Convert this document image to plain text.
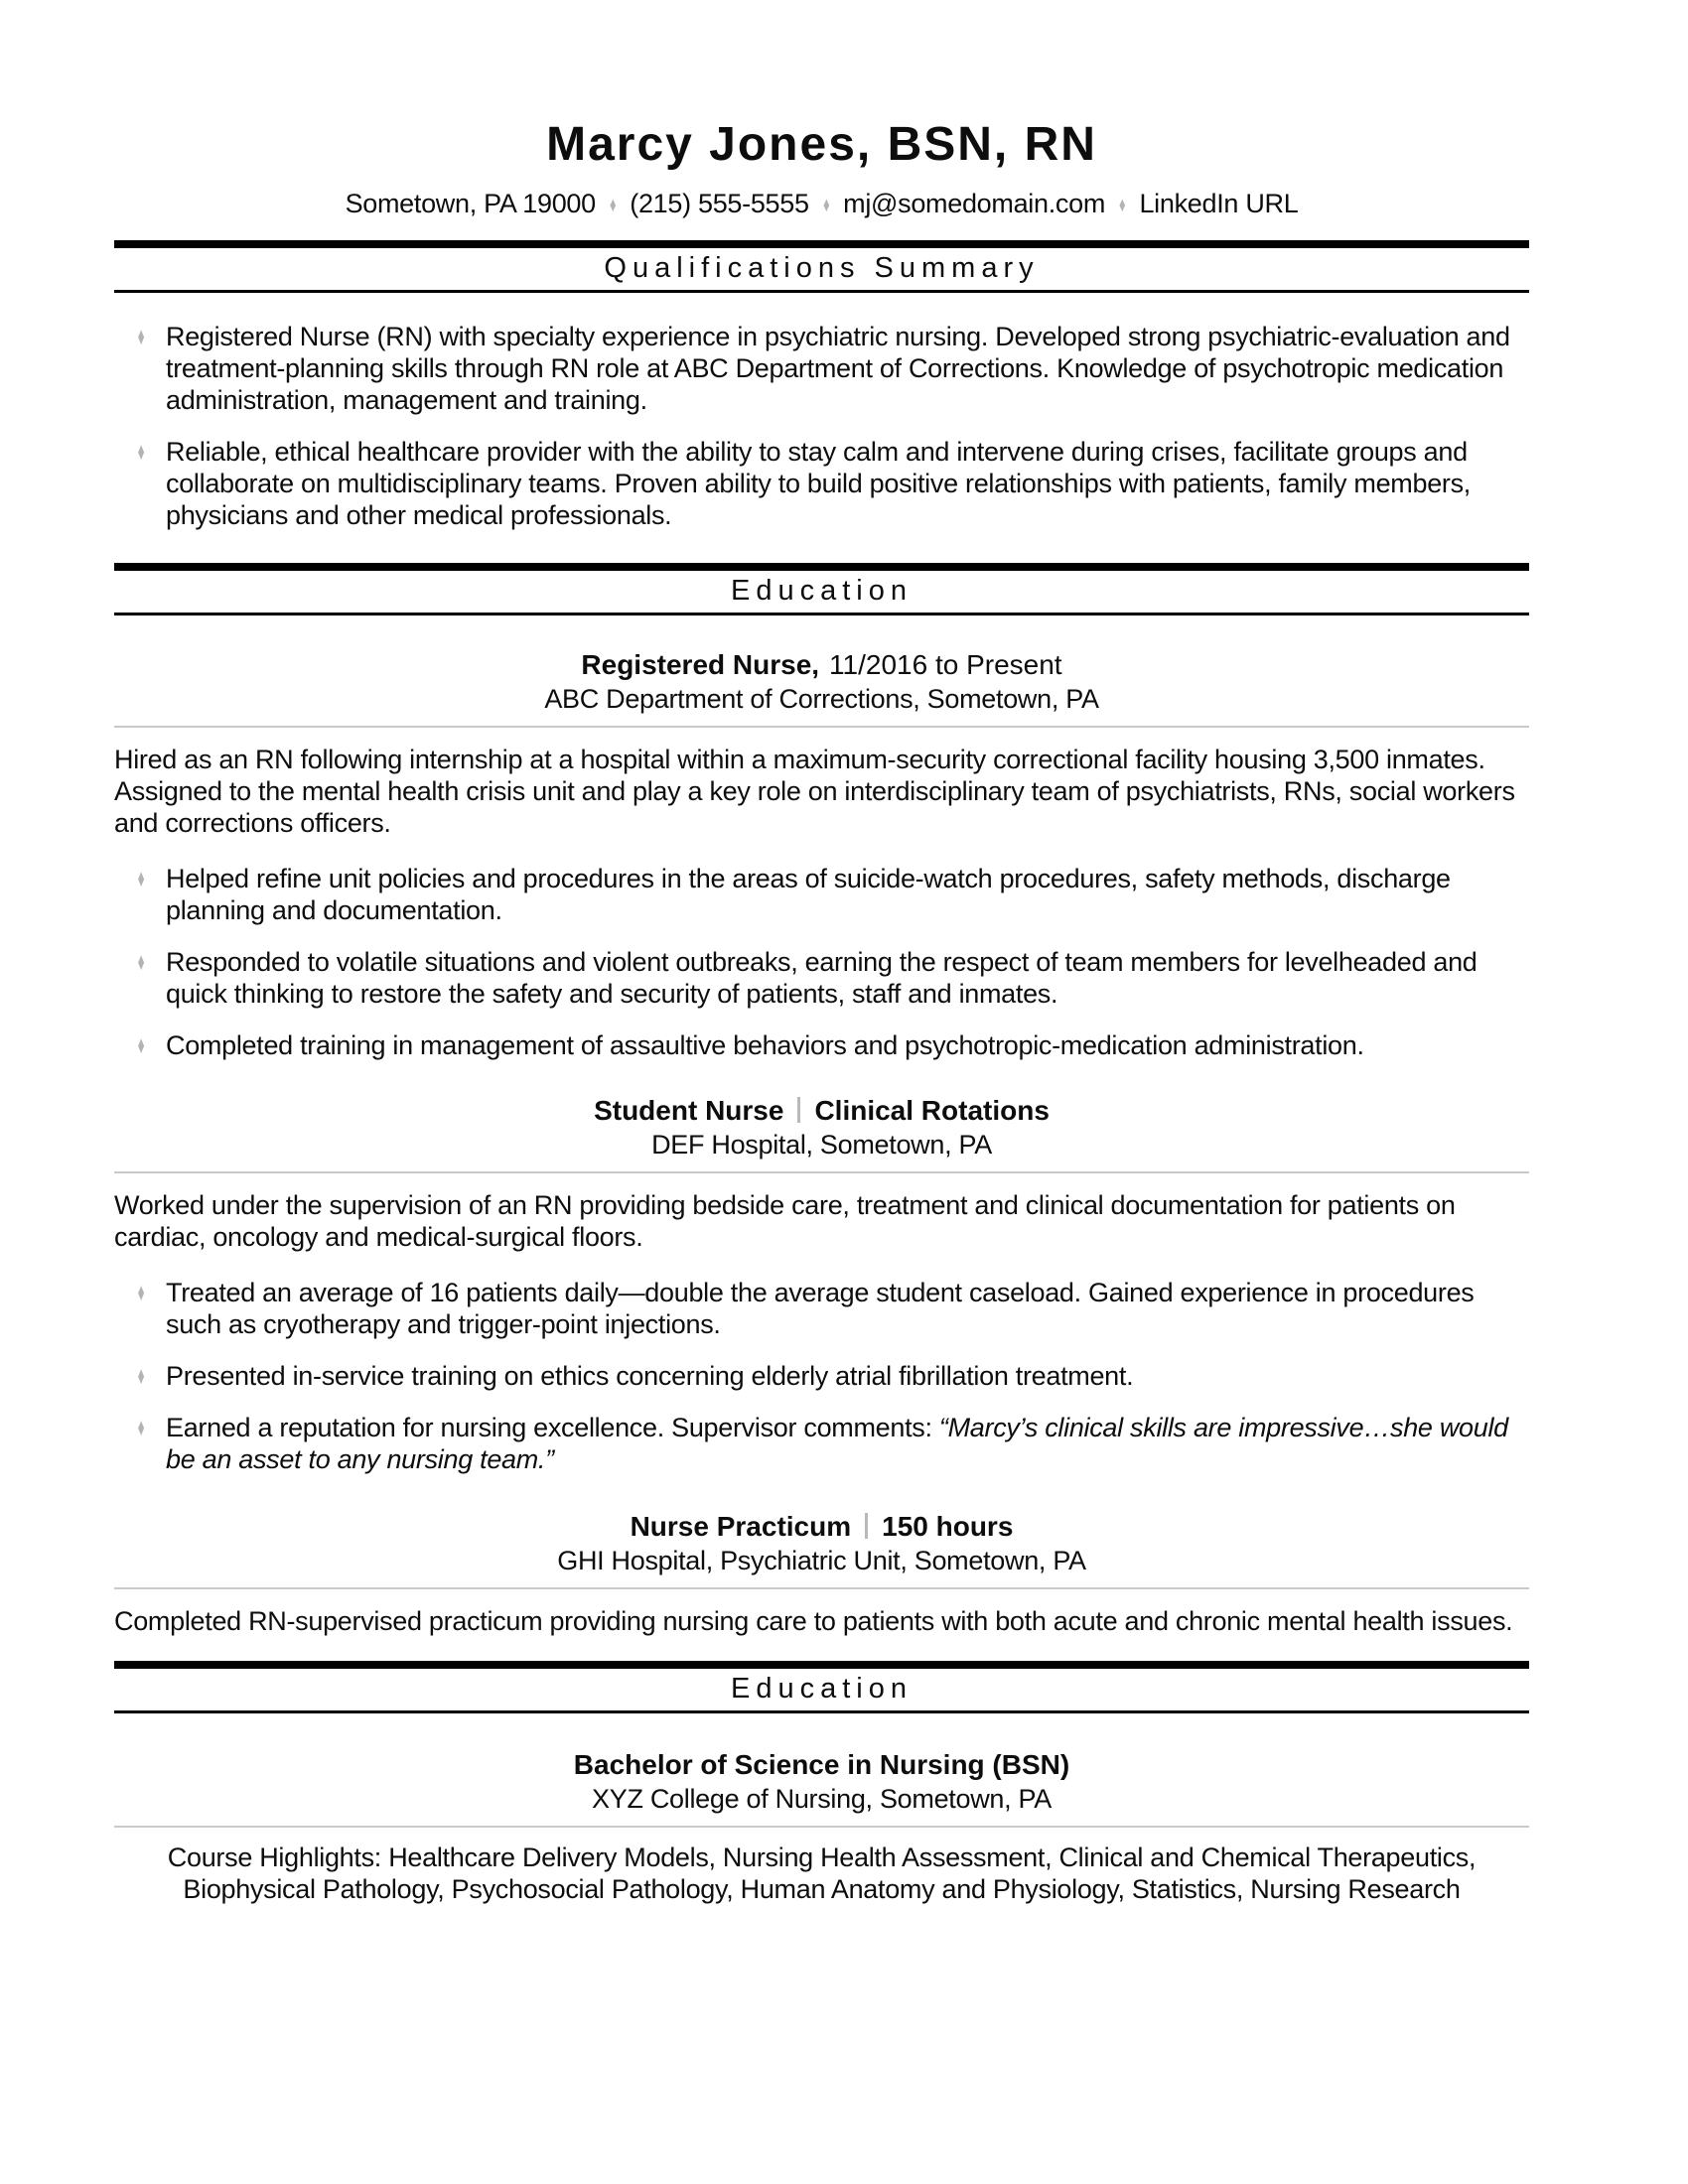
Marcy Jones, BSN, RN
Sometown, PA 19000 ♦ (215) 555-5555 ♦ mj@somedomain.com ♦ LinkedIn URL
Qualifications Summary
♦ Registered Nurse (RN) with specialty experience in psychiatric nursing. Developed strong psychiatric-evaluation and treatment-planning skills through RN role at ABC Department of Corrections. Knowledge of psychotropic medication administration, management and training.
♦ Reliable, ethical healthcare provider with the ability to stay calm and intervene during crises, facilitate groups and collaborate on multidisciplinary teams. Proven ability to build positive relationships with patients, family members, physicians and other medical professionals.
Education
Registered Nurse, 11/2016 to Present
ABC Department of Corrections, Sometown, PA

Hired as an RN following internship at a hospital within a maximum-security correctional facility housing 3,500 inmates. Assigned to the mental health crisis unit and play a key role on interdisciplinary team of psychiatrists, RNs, social workers and corrections officers.

♦ Helped refine unit policies and procedures in the areas of suicide-watch procedures, safety methods, discharge planning and documentation.
♦ Responded to volatile situations and violent outbreaks, earning the respect of team members for levelheaded and quick thinking to restore the safety and security of patients, staff and inmates.
♦ Completed training in management of assaultive behaviors and psychotropic-medication administration.
Student Nurse Clinical Rotations
DEF Hospital, Sometown, PA

Worked under the supervision of an RN providing bedside care, treatment and clinical documentation for patients on cardiac, oncology and medical-surgical floors.

♦ Treated an average of 16 patients daily—double the average student caseload. Gained experience in procedures such as cryotherapy and trigger-point injections.
♦ Presented in-service training on ethics concerning elderly atrial fibrillation treatment.
♦ Earned a reputation for nursing excellence. Supervisor comments: “Marcy’s clinical skills are impressive…she would be an asset to any nursing team.”
Nurse Practicum 150 hours
GHI Hospital, Psychiatric Unit, Sometown, PA

Completed RN-supervised practicum providing nursing care to patients with both acute and chronic mental health issues.

Education
Bachelor of Science in Nursing (BSN)
XYZ College of Nursing, Sometown, PA

Course Highlights: Healthcare Delivery Models, Nursing Health Assessment, Clinical and Chemical Therapeutics, Biophysical Pathology, Psychosocial Pathology, Human Anatomy and Physiology, Statistics, Nursing Research
